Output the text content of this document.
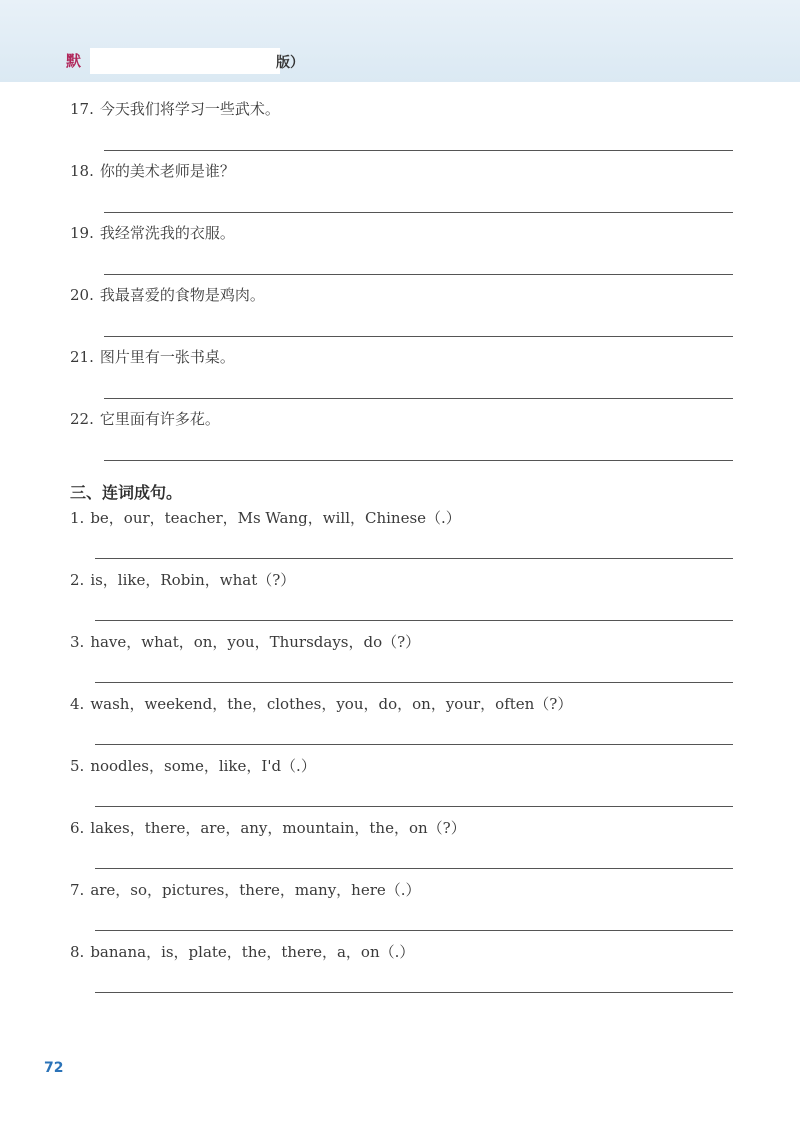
默	版）
17. 今天我们将学习一些武术。
18. 你的美术老师是谁？
19. 我经常洗我的衣服。
20. 我最喜爱的食物是鸡肉。
21. 图片里有一张书桌。
22. 它里面有许多花。
三、连词成句。
1. be，our，teacher，Ms Wang，will，Chinese（.）
2. is，like，Robin，what（?）
3. have，what，on，you，Thursdays，do（?）
4. wash，weekend，the，clothes，you，do，on，your，often（?）
5. noodles，some，like，I'd（.）
6. lakes，there，are，any，mountain，the，on（?）
7. are，so，pictures，there，many，here（.）
8. banana，is，plate，the，there，a，on（.）
72
